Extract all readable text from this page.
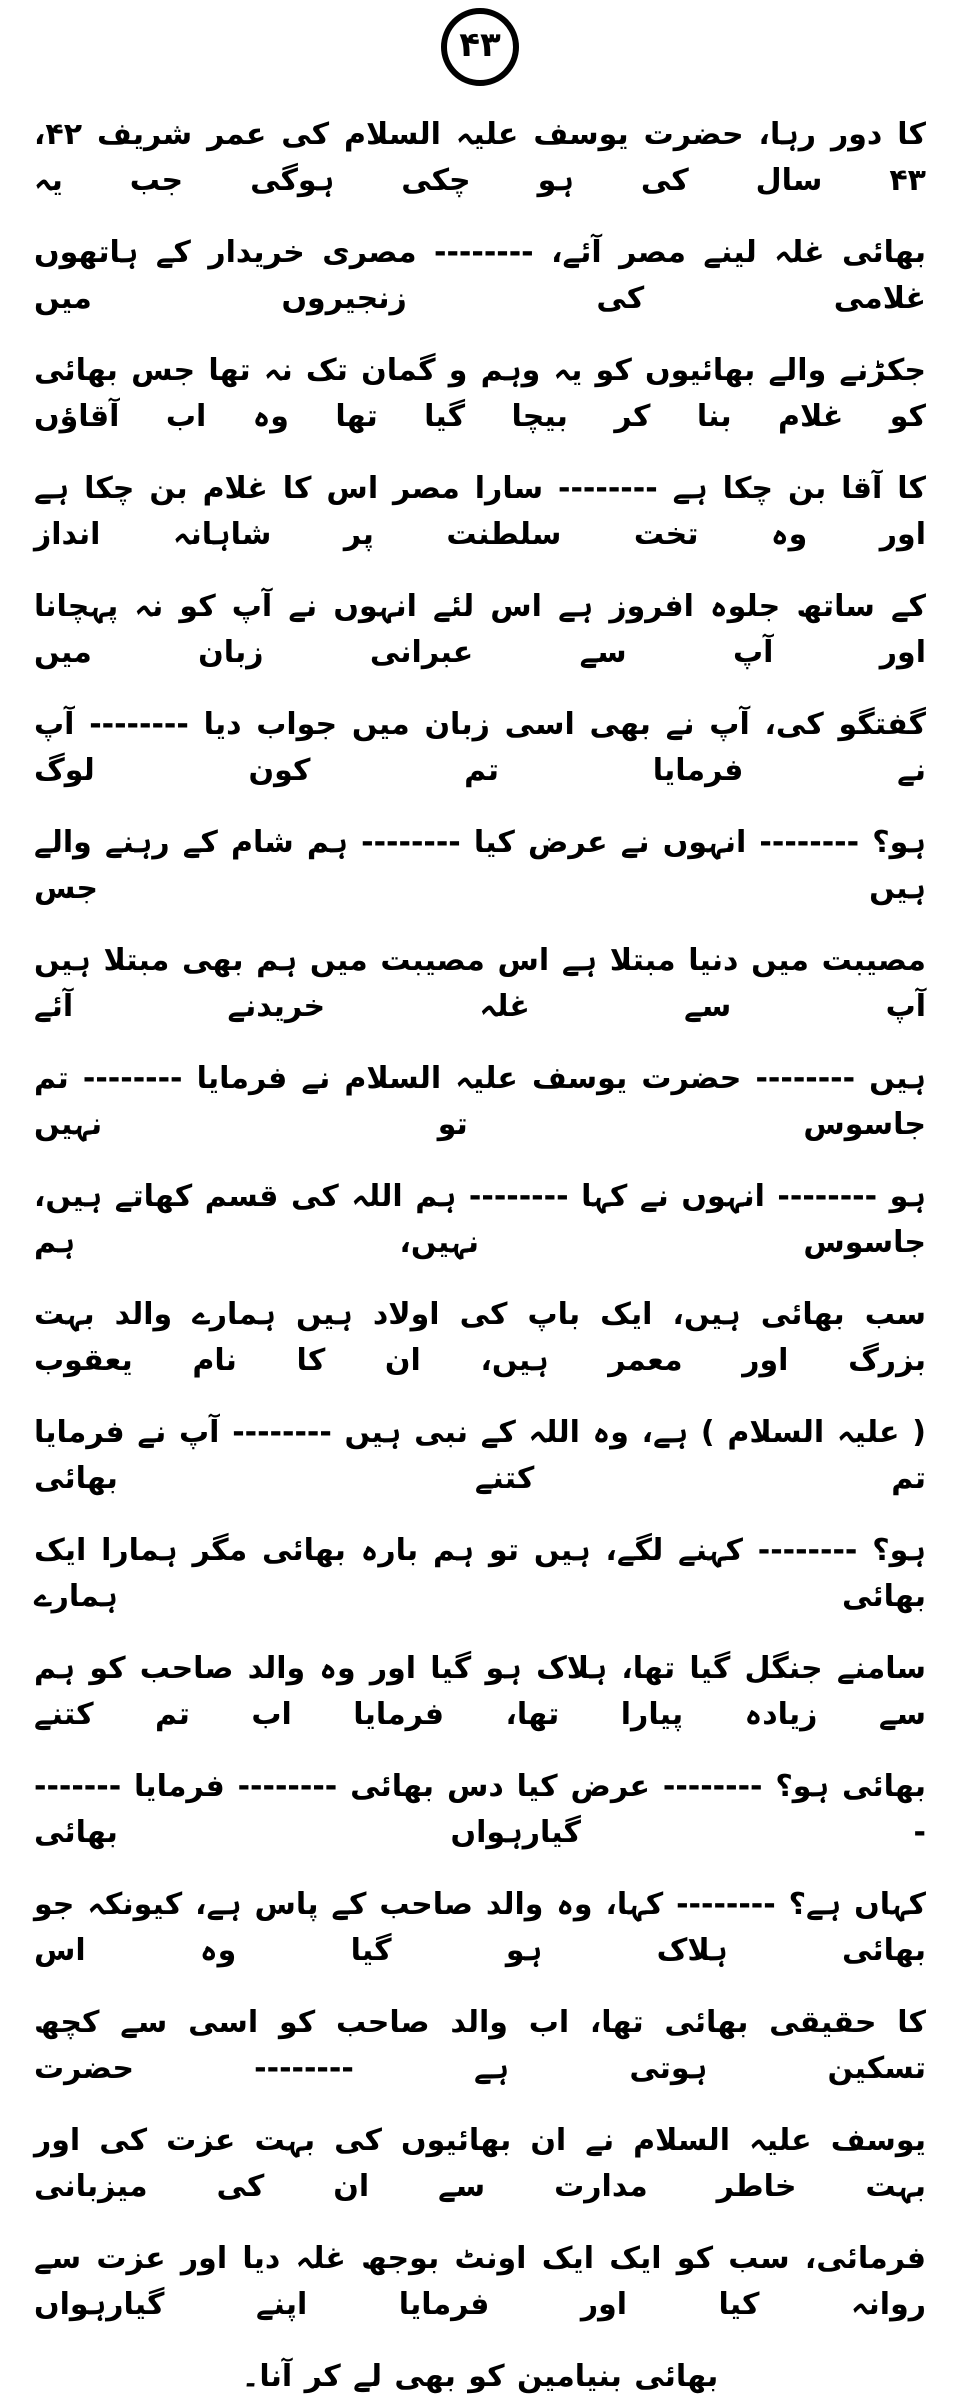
۴۳

کا دور رہا، حضرت یوسف علیہ السلام کی عمر شریف ۴۲، ۴۳ سال کی ہو چکی ہوگی جب یہ

بھائی غلہ لینے مصر آئے، -------- مصری خریدار کے ہاتھوں غلامی کی زنجیروں میں

جکڑنے والے بھائیوں کو یہ وہم و گمان تک نہ تھا جس بھائی کو غلام بنا کر بیچا گیا تھا وہ اب آقاؤں

کا آقا بن چکا ہے -------- سارا مصر اس کا غلام بن چکا ہے اور وہ تخت سلطنت پر شاہانہ انداز

کے ساتھ جلوہ افروز ہے اس لئے انہوں نے آپ کو نہ پہچانا اور آپ سے عبرانی زبان میں

گفتگو کی، آپ نے بھی اسی زبان میں جواب دیا -------- آپ نے فرمایا تم کون لوگ

ہو؟ -------- انہوں نے عرض کیا -------- ہم شام کے رہنے والے ہیں جس

مصیبت میں دنیا مبتلا ہے اس مصیبت میں ہم بھی مبتلا ہیں آپ سے غلہ خریدنے آئے

ہیں -------- حضرت یوسف علیہ السلام نے فرمایا -------- تم جاسوس تو نہیں

ہو -------- انہوں نے کہا -------- ہم اللہ کی قسم کھاتے ہیں، جاسوس نہیں، ہم

سب بھائی ہیں، ایک باپ کی اولاد ہیں ہمارے والد بہت بزرگ اور معمر ہیں، ان کا نام یعقوب

( علیہ السلام ) ہے، وہ اللہ کے نبی ہیں -------- آپ نے فرمایا تم کتنے بھائی

ہو؟ -------- کہنے لگے، ہیں تو ہم بارہ بھائی مگر ہمارا ایک بھائی ہمارے

سامنے جنگل گیا تھا، ہلاک ہو گیا اور وہ والد صاحب کو ہم سے زیادہ پیارا تھا، فرمایا اب تم کتنے

بھائی ہو؟ -------- عرض کیا دس بھائی -------- فرمایا -------- گیارہواں بھائی

کہاں ہے؟ -------- کہا، وہ والد صاحب کے پاس ہے، کیونکہ جو بھائی ہلاک ہو گیا وہ اس

کا حقیقی بھائی تھا، اب والد صاحب کو اسی سے کچھ تسکین ہوتی ہے -------- حضرت

یوسف علیہ السلام نے ان بھائیوں کی بہت عزت کی اور بہت خاطر مدارت سے ان کی میزبانی

فرمائی، سب کو ایک ایک اونٹ بوجھ غلہ دیا اور عزت سے روانہ کیا اور فرمایا اپنے گیارہواں

بھائی بنیامین کو بھی لے کر آنا۔
